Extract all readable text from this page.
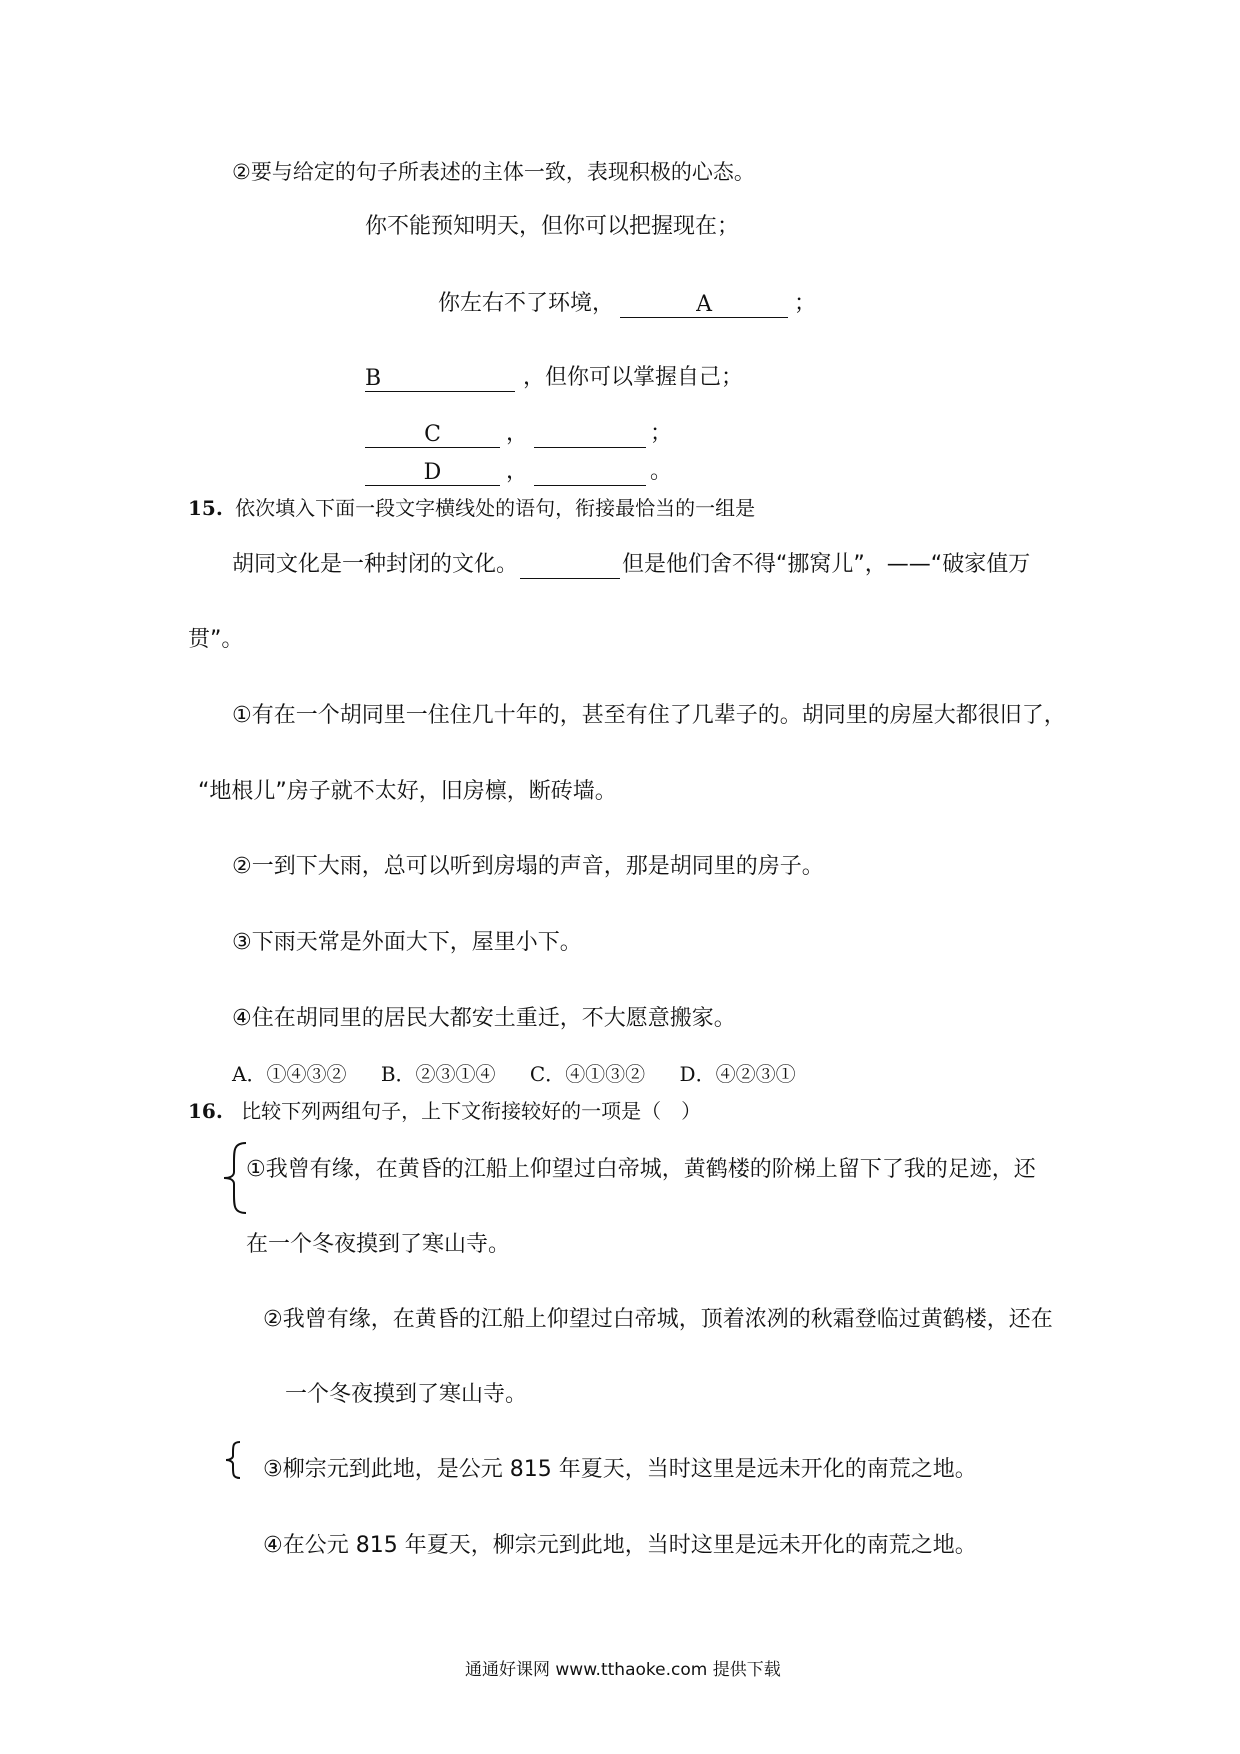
②要与给定的句子所表述的主体一致，表现积极的心态。
你不能预知明天，但你可以把握现在；
你左右不了环境，	A	；
B	，但你可以掌握自己；
C	，	；
D	，	。
15. 依次填入下面一段文字横线处的语句，衔接最恰当的一组是
胡同文化是一种封闭的文化。	但是他们舍不得“挪窝儿”，——“破家值万
贯”。
①有在一个胡同里一住住几十年的，甚至有住了几辈子的。胡同里的房屋大都很旧了，
“地根儿”房子就不太好，旧房檩，断砖墙。
②一到下大雨，总可以听到房塌的声音，那是胡同里的房子。
③下雨天常是外面大下，屋里小下。
④住在胡同里的居民大都安土重迁，不大愿意搬家。
A．①④③② B．②③①④ C．④①③② D．④②③①
16. 比较下列两组句子，上下文衔接较好的一项是（　）
①我曾有缘，在黄昏的江船上仰望过白帝城，黄鹤楼的阶梯上留下了我的足迹，还
在一个冬夜摸到了寒山寺。
②我曾有缘，在黄昏的江船上仰望过白帝城，顶着浓冽的秋霜登临过黄鹤楼，还在
一个冬夜摸到了寒山寺。
③柳宗元到此地，是公元 815 年夏天，当时这里是远未开化的南荒之地。
④在公元 815 年夏天，柳宗元到此地，当时这里是远未开化的南荒之地。
通通好课网 www.tthaoke.com 提供下载
